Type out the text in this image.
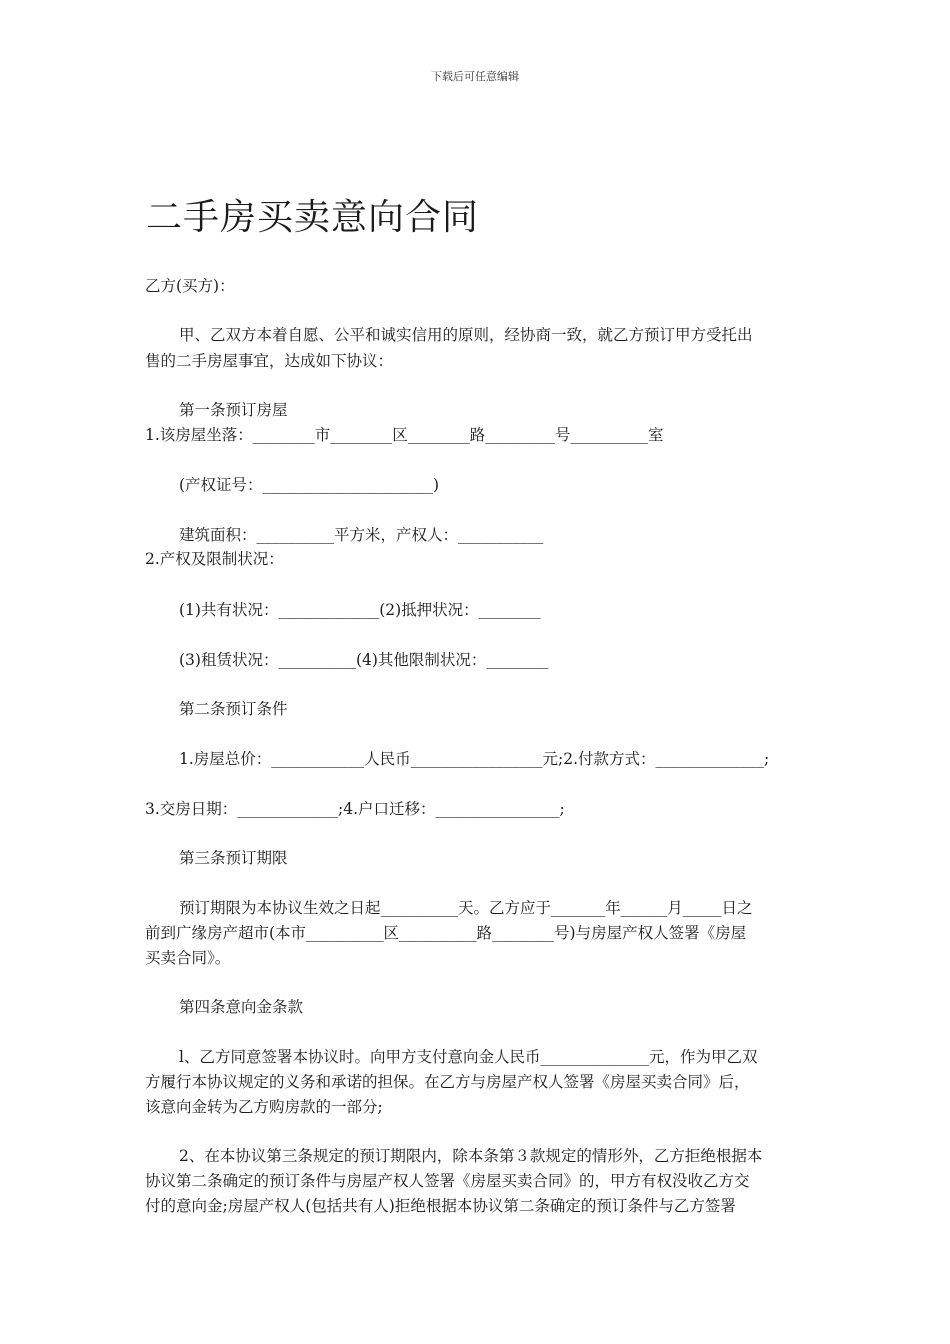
下载后可任意编辑
二手房买卖意向合同
乙方(买方)：
甲、乙双方本着自愿、公平和诚实信用的原则，经协商一致，就乙方预订甲方受托出
售的二手房屋事宜，达成如下协议：
第一条预订房屋
1.该房屋坐落：________市________区________路_________号__________室
(产权证号：______________________)
建筑面积：__________平方米，产权人：___________
2.产权及限制状况：
(1)共有状况：_____________(2)抵押状况：________
(3)租赁状况：__________(4)其他限制状况：________
第二条预订条件
1.房屋总价：____________人民币_________________元;2.付款方式：______________;
3.交房日期：_____________;4.户口迁移：________________;
第三条预订期限
预订期限为本协议生效之日起__________天。乙方应于_______年______月_____日之
前到广缘房产超市(本市__________区__________路________号)与房屋产权人签署《房屋
买卖合同》。
第四条意向金条款
l、乙方同意签署本协议时。向甲方支付意向金人民币______________元，作为甲乙双
方履行本协议规定的义务和承诺的担保。在乙方与房屋产权人签署《房屋买卖合同》后，
该意向金转为乙方购房款的一部分;
2、在本协议第三条规定的预订期限内，除本条第３款规定的情形外，乙方拒绝根据本
协议第二条确定的预订条件与房屋产权人签署《房屋买卖合同》的，甲方有权没收乙方交
付的意向金;房屋产权人(包括共有人)拒绝根据本协议第二条确定的预订条件与乙方签署
